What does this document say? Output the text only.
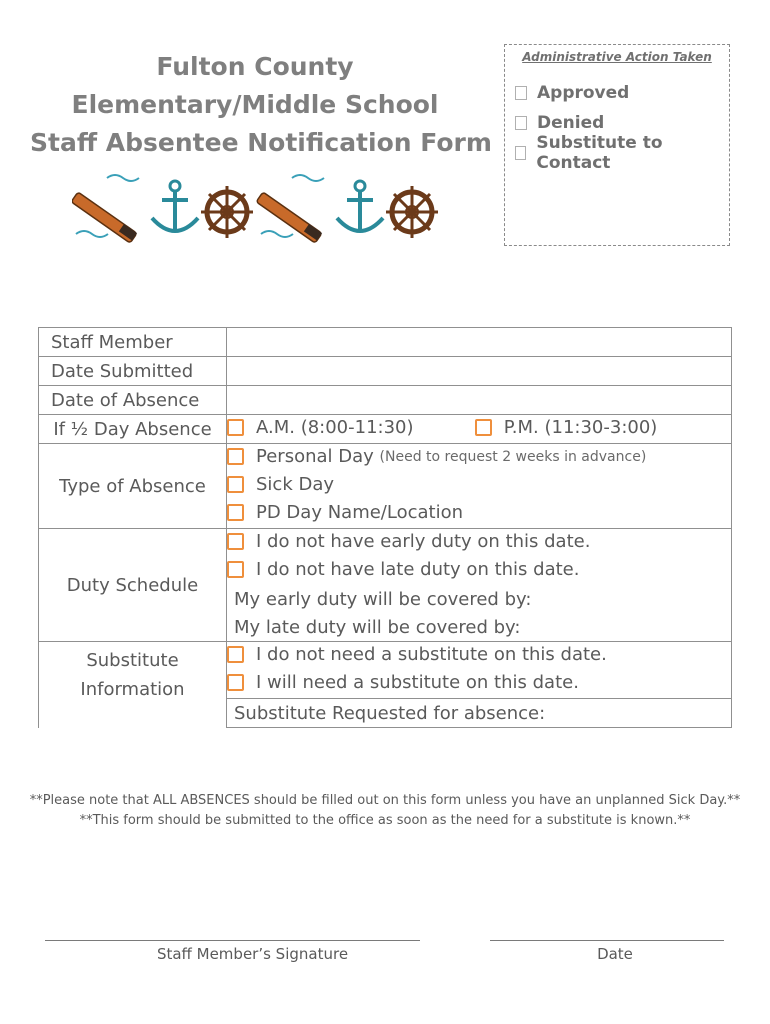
Fulton County
Elementary/Middle School
Staff Absentee Notification Form
Administrative Action Taken
Approved
Denied
Substitute to Contact
Staff Member	
Date Submitted	
Date of Absence	
If ½ Day Absence	A.M. (8:00-11:30)
P.M. (11:30-3:00)

Type of Absence	Personal Day
(Need to request 2 weeks in advance)

	Sick Day

	PD Day Name/Location

Duty Schedule	I do not have early duty on this date.

	I do not have late duty on this date.

	My early duty will be covered by:
	My late duty will be covered by:

Substitute
Information	I do not need a substitute on this date.

	I will need a substitute on this date.

	Substitute Requested for absence:
**Please note that ALL ABSENCES should be filled out on this form unless you have an unplanned Sick Day.**
**This form should be submitted to the office as soon as the need for a substitute is known.**
Staff Member’s Signature	Date
